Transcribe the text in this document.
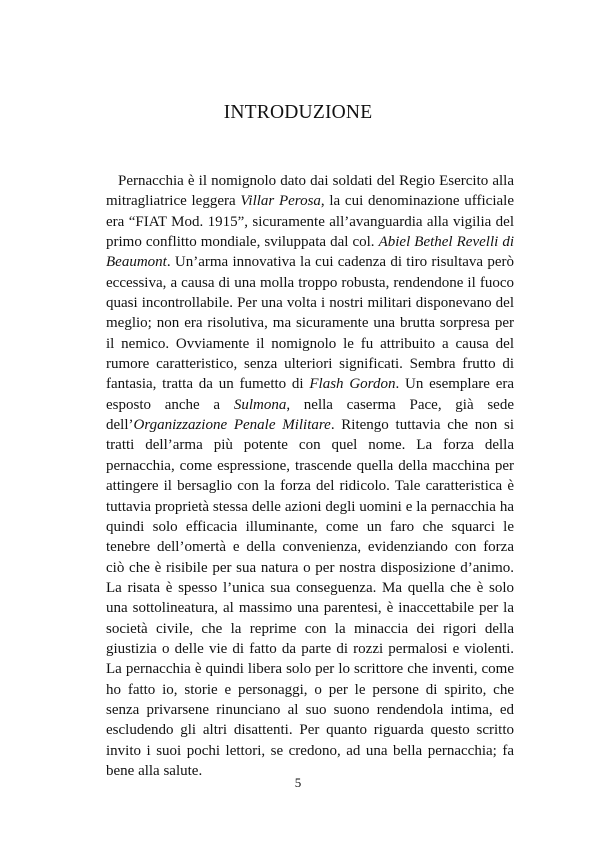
INTRODUZIONE

Pernacchia è il nomignolo dato dai soldati del Regio Esercito alla mitragliatrice leggera Villar Perosa, la cui denominazione ufficiale era “FIAT Mod. 1915”, sicuramente all’avanguardia alla vigilia del primo conflitto mondiale, sviluppata dal col. Abiel Bethel Revelli di Beaumont. Un’arma innovativa la cui cadenza di tiro risultava però eccessiva, a causa di una molla troppo robusta, rendendone il fuoco quasi incontrollabile. Per una volta i nostri militari disponevano del meglio; non era risolutiva, ma sicuramente una brutta sorpresa per il nemico. Ovviamente il nomignolo le fu attribuito a causa del rumore caratteristico, senza ulteriori significati. Sembra frutto di fantasia, tratta da un fumetto di Flash Gordon. Un esemplare era esposto anche a Sulmona, nella caserma Pace, già sede dell’Organizzazione Penale Militare. Ritengo tuttavia che non si tratti dell’arma più potente con quel nome. La forza della pernacchia, come espressione, trascende quella della macchina per attingere il bersaglio con la forza del ridicolo. Tale caratteristica è tuttavia proprietà stessa delle azioni degli uomini e la pernacchia ha quindi solo efficacia illuminante, come un faro che squarci le tenebre dell’omertà e della convenienza, evidenziando con forza ciò che è risibile per sua natura o per nostra disposizione d’animo. La risata è spesso l’unica sua conseguenza. Ma quella che è solo una sottolineatura, al massimo una parentesi, è inaccettabile per la società civile, che la reprime con la minaccia dei rigori della giustizia o delle vie di fatto da parte di rozzi permalosi e violenti. La pernacchia è quindi libera solo per lo scrittore che inventi, come ho fatto io, storie e personaggi, o per le persone di spirito, che senza privarsene rinunciano al suo suono rendendola intima, ed escludendo gli altri disattenti. Per quanto riguarda questo scritto invito i suoi pochi lettori, se credono, ad una bella pernacchia; fa bene alla salute.

5
